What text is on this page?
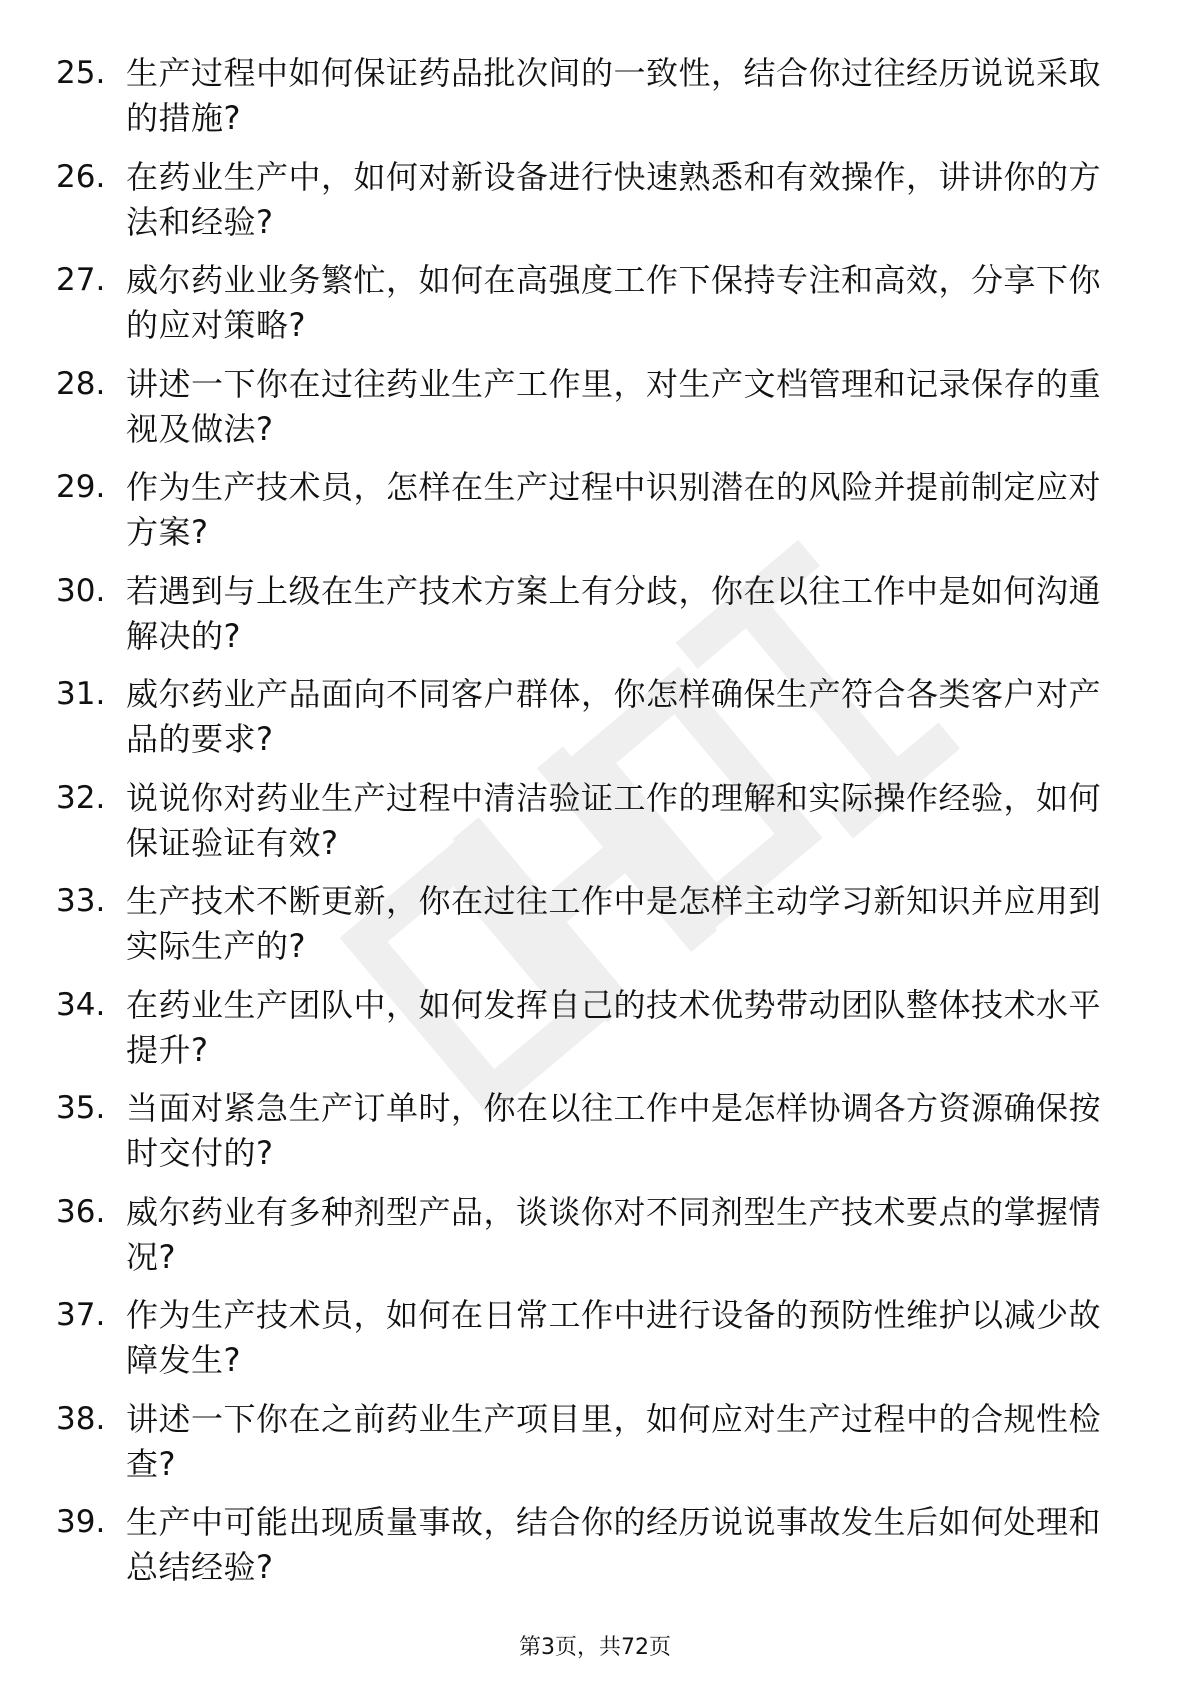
25. 生产过程中如何保证药品批次间的一致性，结合你过往经历说说采取的措施?
26. 在药业生产中，如何对新设备进行快速熟悉和有效操作，讲讲你的方法和经验?
27. 威尔药业业务繁忙，如何在高强度工作下保持专注和高效，分享下你的应对策略?
28. 讲述一下你在过往药业生产工作里，对生产文档管理和记录保存的重视及做法?
29. 作为生产技术员，怎样在生产过程中识别潜在的风险并提前制定应对方案?
30. 若遇到与上级在生产技术方案上有分歧，你在以往工作中是如何沟通解决的?
31. 威尔药业产品面向不同客户群体，你怎样确保生产符合各类客户对产品的要求?
32. 说说你对药业生产过程中清洁验证工作的理解和实际操作经验，如何保证验证有效?
33. 生产技术不断更新，你在过往工作中是怎样主动学习新知识并应用到实际生产的?
34. 在药业生产团队中，如何发挥自己的技术优势带动团队整体技术水平提升?
35. 当面对紧急生产订单时，你在以往工作中是怎样协调各方资源确保按时交付的?
36. 威尔药业有多种剂型产品，谈谈你对不同剂型生产技术要点的掌握情况?
37. 作为生产技术员，如何在日常工作中进行设备的预防性维护以减少故障发生?
38. 讲述一下你在之前药业生产项目里，如何应对生产过程中的合规性检查?
39. 生产中可能出现质量事故，结合你的经历说说事故发生后如何处理和总结经验?
第3页，共72页
